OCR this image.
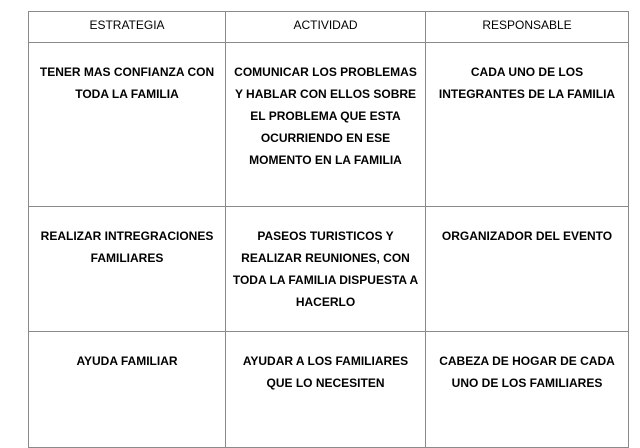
ESTRATEGIA	ACTIVIDAD	RESPONSABLE

TENER MAS CONFIANZA CON TODA LA FAMILIA	COMUNICAR LOS PROBLEMAS Y HABLAR CON ELLOS SOBRE EL PROBLEMA QUE ESTA OCURRIENDO EN ESE MOMENTO EN LA FAMILIA	CADA UNO DE LOS INTEGRANTES DE LA FAMILIA

REALIZAR INTREGRACIONES FAMILIARES	PASEOS TURISTICOS Y REALIZAR REUNIONES, CON TODA LA FAMILIA DISPUESTA A HACERLO	ORGANIZADOR DEL EVENTO

AYUDA FAMILIAR	AYUDAR A LOS FAMILIARES QUE LO NECESITEN	CABEZA DE HOGAR DE CADA UNO DE LOS FAMILIARES
